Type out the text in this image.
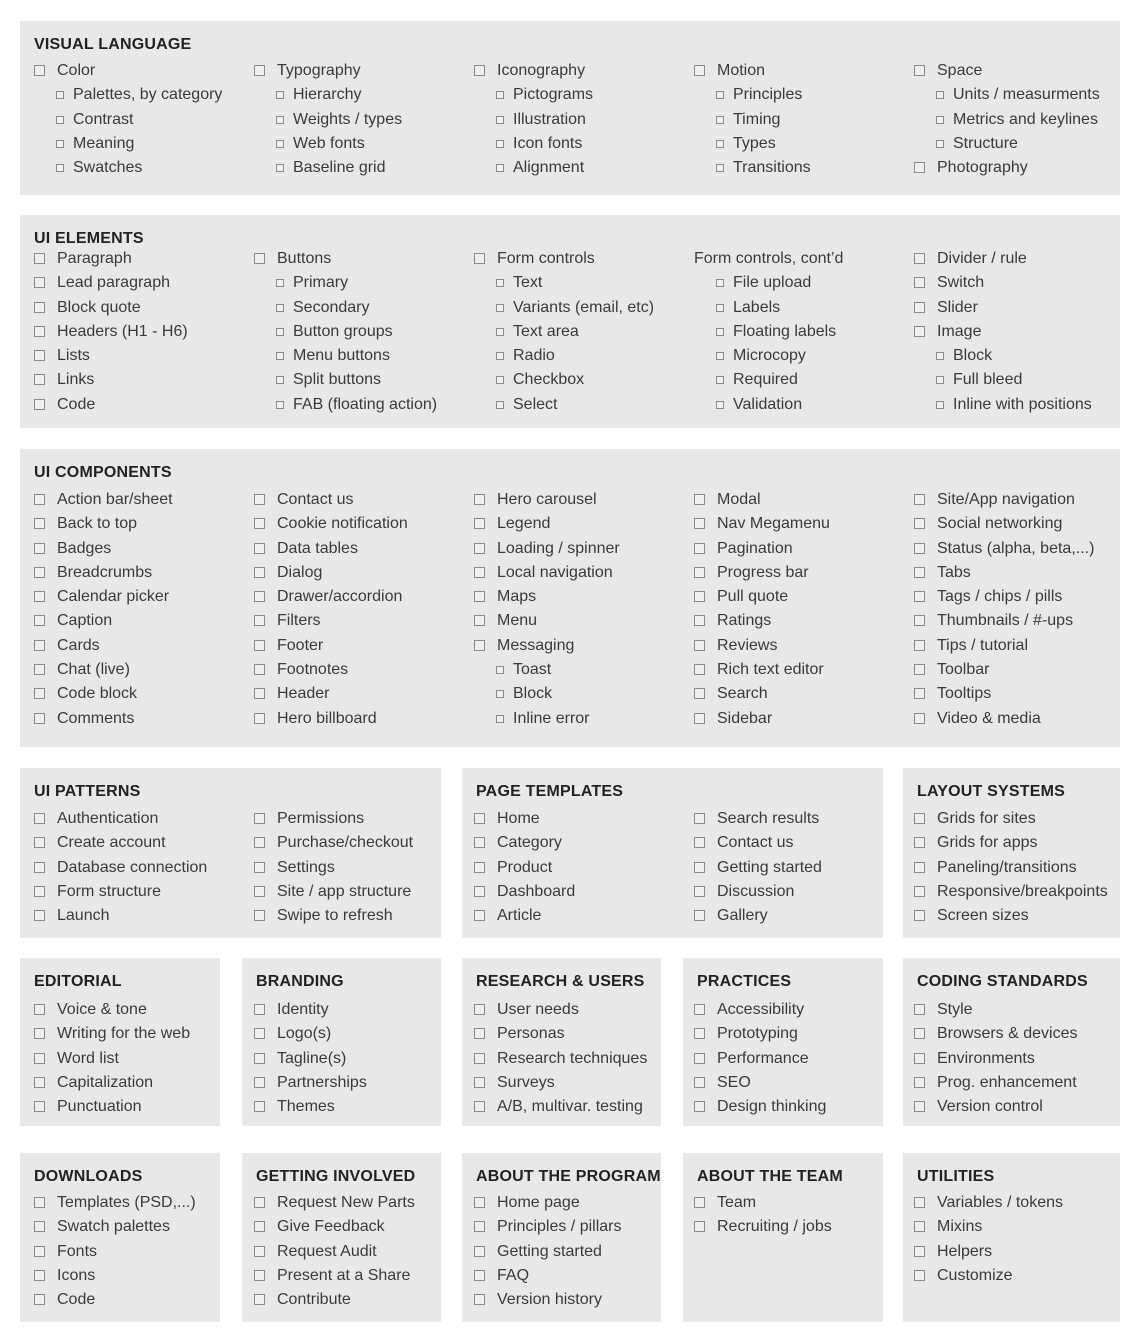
VISUAL LANGUAGE
Color
Palettes, by category
Contrast
Meaning
Swatches
Typography
Hierarchy
Weights / types
Web fonts
Baseline grid
Iconography
Pictograms
Illustration
Icon fonts
Alignment
Motion
Principles
Timing
Types
Transitions
Space
Units / measurments
Metrics and keylines
Structure
Photography
UI ELEMENTS
Paragraph
Lead paragraph
Block quote
Headers (H1 - H6)
Lists
Links
Code
Buttons
Primary
Secondary
Button groups
Menu buttons
Split buttons
FAB (floating action)
Form controls
Text
Variants (email, etc)
Text area
Radio
Checkbox
Select
Form controls, cont’d
File upload
Labels
Floating labels
Microcopy
Required
Validation
Divider / rule
Switch
Slider
Image
Block
Full bleed
Inline with positions
UI COMPONENTS
Action bar/sheet
Back to top
Badges
Breadcrumbs
Calendar picker
Caption
Cards
Chat (live)
Code block
Comments
Contact us
Cookie notification
Data tables
Dialog
Drawer/accordion
Filters
Footer
Footnotes
Header
Hero billboard
Hero carousel
Legend
Loading / spinner
Local navigation
Maps
Menu
Messaging
Toast
Block
Inline error
Modal
Nav Megamenu
Pagination
Progress bar
Pull quote
Ratings
Reviews
Rich text editor
Search
Sidebar
Site/App navigation
Social networking
Status (alpha, beta,...)
Tabs
Tags / chips / pills
Thumbnails / #-ups
Tips / tutorial
Toolbar
Tooltips
Video & media
UI PATTERNS
Authentication
Create account
Database connection
Form structure
Launch
Permissions
Purchase/checkout
Settings
Site / app structure
Swipe to refresh
PAGE TEMPLATES
Home
Category
Product
Dashboard
Article
Search results
Contact us
Getting started
Discussion
Gallery
LAYOUT SYSTEMS
Grids for sites
Grids for apps
Paneling/transitions
Responsive/breakpoints
Screen sizes
EDITORIAL
Voice & tone
Writing for the web
Word list
Capitalization
Punctuation
BRANDING
Identity
Logo(s)
Tagline(s)
Partnerships
Themes
RESEARCH & USERS
User needs
Personas
Research techniques
Surveys
A/B, multivar. testing
PRACTICES
Accessibility
Prototyping
Performance
SEO
Design thinking
CODING STANDARDS
Style
Browsers & devices
Environments
Prog. enhancement
Version control
DOWNLOADS
Templates (PSD,...)
Swatch palettes
Fonts
Icons
Code
GETTING INVOLVED
Request New Parts
Give Feedback
Request Audit
Present at a Share
Contribute
ABOUT THE PROGRAM
Home page
Principles / pillars
Getting started
FAQ
Version history
ABOUT THE TEAM
Team
Recruiting / jobs
UTILITIES
Variables / tokens
Mixins
Helpers
Customize
